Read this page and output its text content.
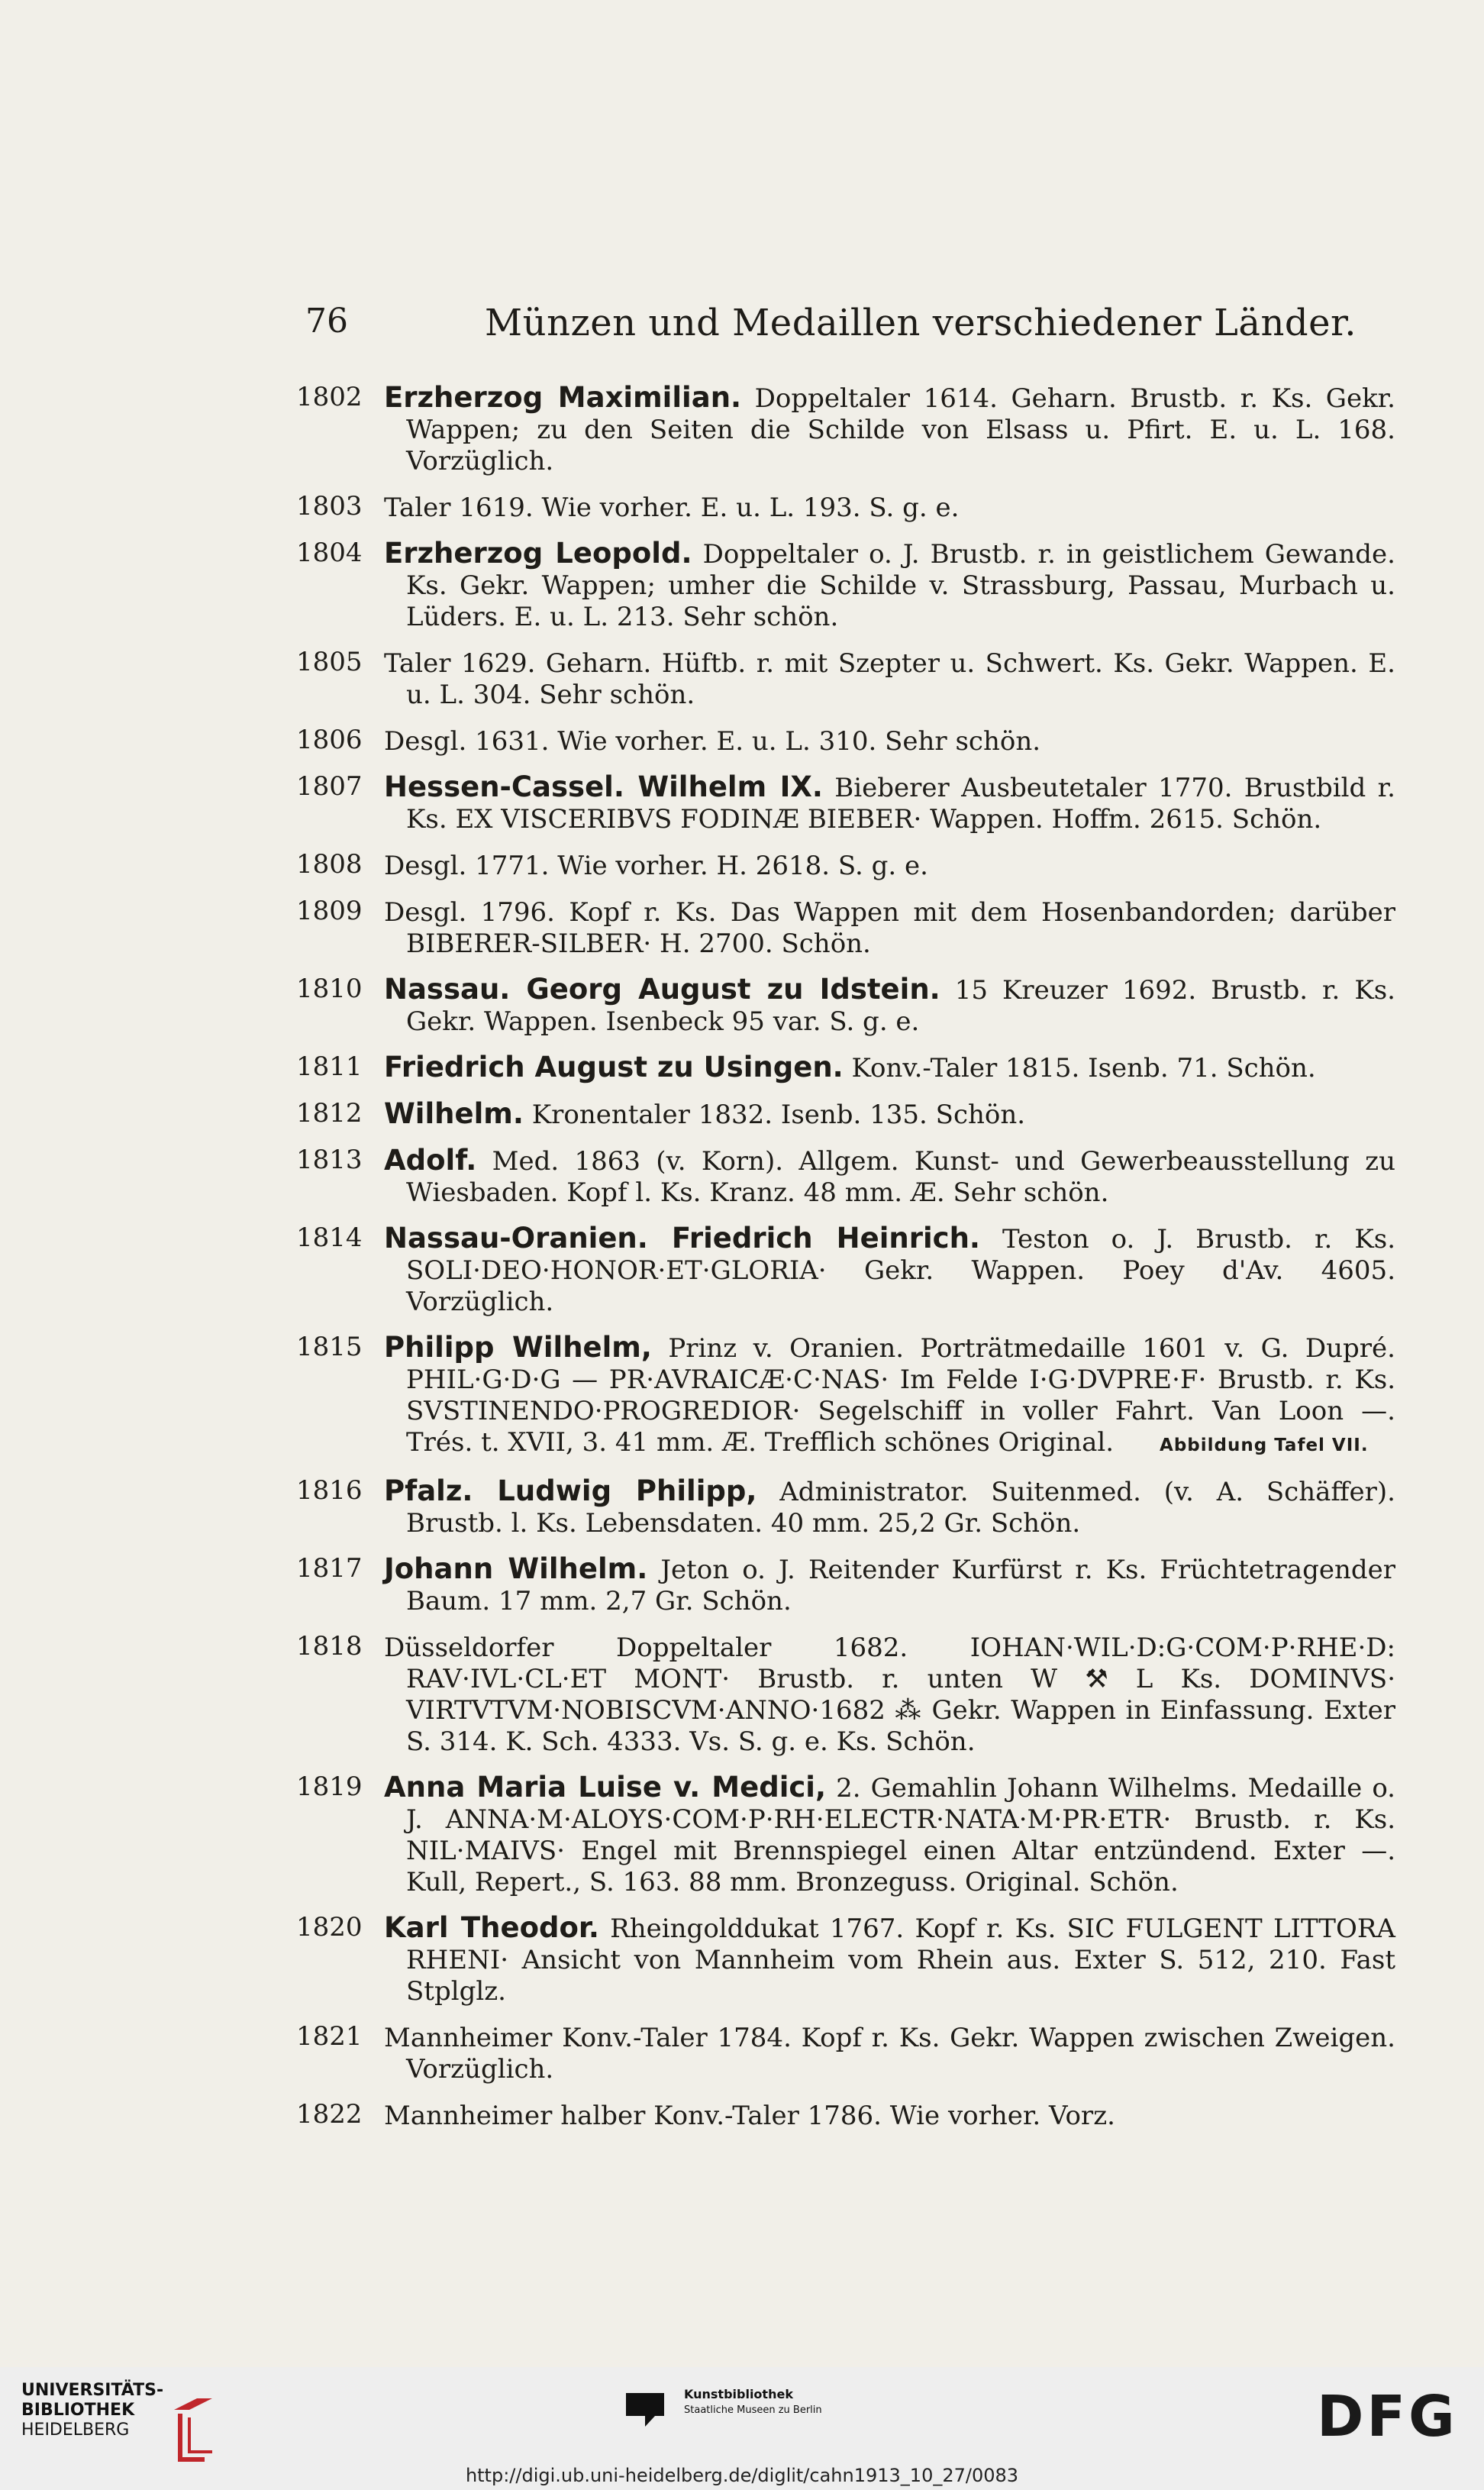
76	Münzen und Medaillen verschiedener Länder.
1802 Erzherzog Maximilian. Doppeltaler 1614. Geharn. Brustb. r. Ks. Gekr. Wappen; zu den Seiten die Schilde von Elsass u. Pfirt. E. u. L. 168. Vorzüglich.
1803 Taler 1619. Wie vorher. E. u. L. 193. S. g. e.
1804 Erzherzog Leopold. Doppeltaler o. J. Brustb. r. in geistlichem Gewande. Ks. Gekr. Wappen; umher die Schilde v. Strassburg, Passau, Murbach u. Lüders. E. u. L. 213. Sehr schön.
1805 Taler 1629. Geharn. Hüftb. r. mit Szepter u. Schwert. Ks. Gekr. Wappen. E. u. L. 304. Sehr schön.
1806 Desgl. 1631. Wie vorher. E. u. L. 310. Sehr schön.
1807 Hessen-Cassel. Wilhelm IX. Bieberer Ausbeutetaler 1770. Brustbild r. Ks. EX VISCERIBVS FODINÆ BIEBER· Wappen. Hoffm. 2615. Schön.
1808 Desgl. 1771. Wie vorher. H. 2618. S. g. e.
1809 Desgl. 1796. Kopf r. Ks. Das Wappen mit dem Hosenbandorden; darüber BIBERER-SILBER· H. 2700. Schön.
1810 Nassau. Georg August zu Idstein. 15 Kreuzer 1692. Brustb. r. Ks. Gekr. Wappen. Isenbeck 95 var. S. g. e.
1811 Friedrich August zu Usingen. Konv.-Taler 1815. Isenb. 71. Schön.
1812 Wilhelm. Kronentaler 1832. Isenb. 135. Schön.
1813 Adolf. Med. 1863 (v. Korn). Allgem. Kunst- und Gewerbeausstellung zu Wiesbaden. Kopf l. Ks. Kranz. 48 mm. Æ. Sehr schön.
1814 Nassau-Oranien. Friedrich Heinrich. Teston o. J. Brustb. r. Ks. SOLI·DEO·HONOR·ET·GLORIA· Gekr. Wappen. Poey d'Av. 4605. Vorzüglich.
1815 Philipp Wilhelm, Prinz v. Oranien. Porträtmedaille 1601 v. G. Dupré. PHIL·G·D·G — PR·AVRAICÆ·C·NAS· Im Felde I·G·DVPRE·F· Brustb. r. Ks. SVSTINENDO·PROGREDIOR· Segelschiff in voller Fahrt. Van Loon —. Trés. t. XVII, 3. 41 mm. Æ. Trefflich schönes Original.	Abbildung Tafel VII.
1816 Pfalz. Ludwig Philipp, Administrator. Suitenmed. (v. A. Schäffer). Brustb. l. Ks. Lebensdaten. 40 mm. 25,2 Gr. Schön.
1817 Johann Wilhelm. Jeton o. J. Reitender Kurfürst r. Ks. Früchtetragender Baum. 17 mm. 2,7 Gr. Schön.
1818 Düsseldorfer Doppeltaler 1682. IOHAN·WIL·D:G·COM·P·RHE·D: RAV·IVL·CL·ET MONT· Brustb. r. unten W ⚒ L Ks. DOMINVS· VIRTVTVM·NOBISCVM·ANNO·1682 ⁂ Gekr. Wappen in Einfassung. Exter S. 314. K. Sch. 4333. Vs. S. g. e. Ks. Schön.
1819 Anna Maria Luise v. Medici, 2. Gemahlin Johann Wilhelms. Medaille o. J. ANNA·M·ALOYS·COM·P·RH·ELECTR·NATA·M·PR·ETR· Brustb. r. Ks. NIL·MAIVS· Engel mit Brennspiegel einen Altar entzündend. Exter —. Kull, Repert., S. 163. 88 mm. Bronzeguss. Original. Schön.
1820 Karl Theodor. Rheingolddukat 1767. Kopf r. Ks. SIC FULGENT LITTORA RHENI· Ansicht von Mannheim vom Rhein aus. Exter S. 512, 210. Fast Stplglz.
1821 Mannheimer Konv.-Taler 1784. Kopf r. Ks. Gekr. Wappen zwischen Zweigen. Vorzüglich.
1822 Mannheimer halber Konv.-Taler 1786. Wie vorher. Vorz.
UNIVERSITÄTS-
BIBLIOTHEK
HEIDELBERG
Kunstbibliothek
Staatliche Museen zu Berlin	DFG
http://digi.ub.uni-heidelberg.de/diglit/cahn1913_10_27/0083
